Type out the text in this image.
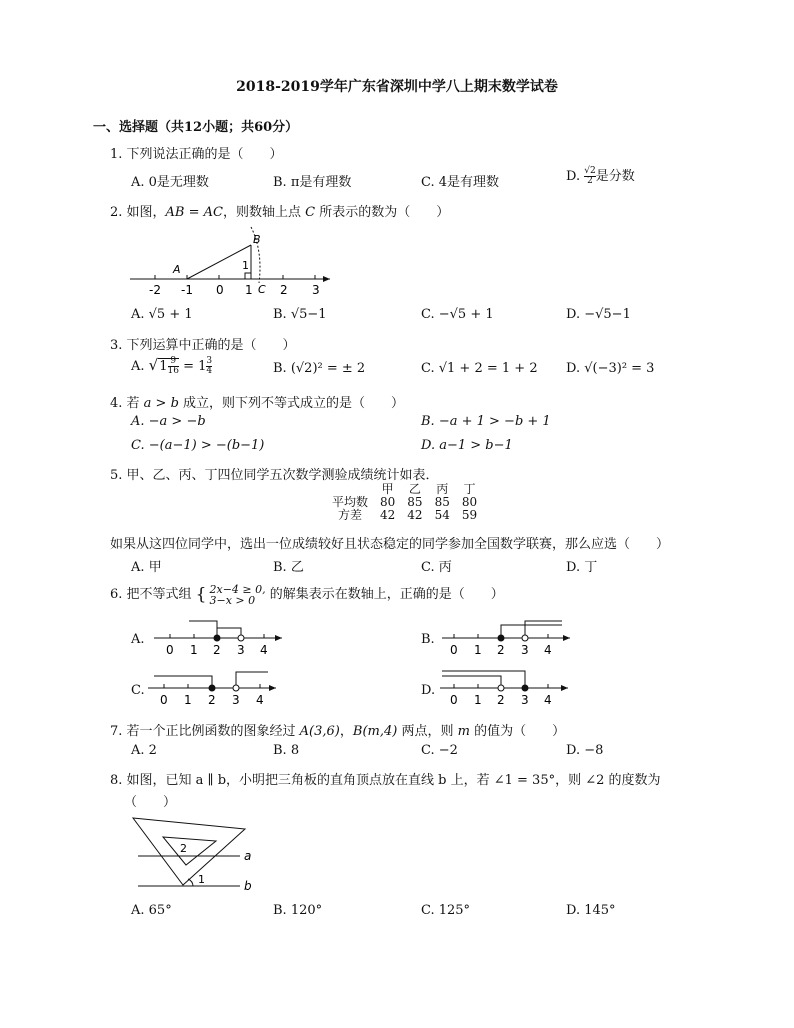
2018-2019学年广东省深圳中学八上期末数学试卷
一、选择题（共12小题；共60分）
1. 下列说法正确的是（　　）
A. 0是无理数	B. π是有理数	C. 4是有理数	D. $\frac{√2}{2}$ 是分数
2. 如图，AB = AC，则数轴上点 C 所表示的数为（　　）
A
B
1
C
-2 -1 0 1 2 3
A. √5 + 1	B. √5−1	C. −√5 + 1	D. −√5−1
3. 下列运算中正确的是（　　）
A. $√1 \frac{9}{16} = 1 \frac{3}{4}$	B. (√2)² = ± 2	C. √1 + 2 = 1 + 2 D. √(−3)² = 3
4. 若 a > b 成立，则下列不等式成立的是（　　）
A. −a > −b	B. −a + 1 > −b + 1
C. −(a−1) > −(b−1)	D. a−1 > b−1
5. 甲、乙、丙、丁四位同学五次数学测验成绩统计如表．
	甲	乙	丙	丁
平均数	80	85	85	80
方差	42	42	54	59
如果从这四位同学中，选出一位成绩较好且状态稳定的同学参加全国数学联赛，那么应选（　　）
A. 甲	B. 乙	C. 丙	D. 丁
6. 把不等式组 { 2x−4 ≥ 0,
3−x > 0 的解集表示在数轴上，正确的是（　　）
A.
0 1 2 3 4
B.
0 1 2 3 4
C.
0 1 2 3 4
D.
0 1 2 3 4
7. 若一个正比例函数的图象经过 A(3,6)，B(m,4) 两点，则 m 的值为（　　）
A. 2	B. 8	C. −2	D. −8
8. 如图，已知 a ∥ b，小明把三角板的直角顶点放在直线 b 上，若 ∠1 = 35°，则 ∠2 的度数为
（　　）
a
b
1
2
A. 65°	B. 120°	C. 125°	D. 145°
